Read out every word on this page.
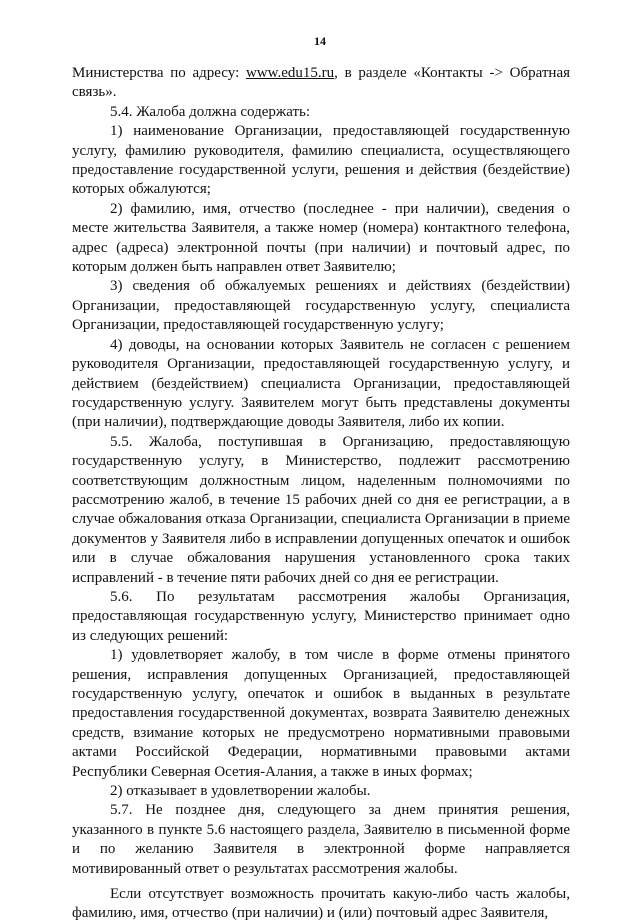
14

Министерства по адресу: www.edu15.ru, в разделе «Контакты -> Обратная связь».

5.4. Жалоба должна содержать:

1) наименование Организации, предоставляющей государственную услугу, фамилию руководителя, фамилию специалиста, осуществляющего предоставление государственной услуги, решения и действия (бездействие) которых обжалуются;

2) фамилию, имя, отчество (последнее - при наличии), сведения о месте жительства Заявителя, а также номер (номера) контактного телефона, адрес (адреса) электронной почты (при наличии) и почтовый адрес, по которым должен быть направлен ответ Заявителю;

3) сведения об обжалуемых решениях и действиях (бездействии) Организации, предоставляющей государственную услугу, специалиста Организации, предоставляющей государственную услугу;

4) доводы, на основании которых Заявитель не согласен с решением руководителя Организации, предоставляющей государственную услугу, и действием (бездействием) специалиста Организации, предоставляющей государственную услугу. Заявителем могут быть представлены документы (при наличии), подтверждающие доводы Заявителя, либо их копии.

5.5. Жалоба, поступившая в Организацию, предоставляющую государственную услугу, в Министерство, подлежит рассмотрению соответствующим должностным лицом, наделенным полномочиями по рассмотрению жалоб, в течение 15 рабочих дней со дня ее регистрации, а в случае обжалования отказа Организации, специалиста Организации в приеме документов у Заявителя либо в исправлении допущенных опечаток и ошибок или в случае обжалования нарушения установленного срока таких исправлений - в течение пяти рабочих дней со дня ее регистрации.

5.6. По результатам рассмотрения жалобы Организация, предоставляющая государственную услугу, Министерство принимает одно из следующих решений:

1) удовлетворяет жалобу, в том числе в форме отмены принятого решения, исправления допущенных Организацией, предоставляющей государственную услугу, опечаток и ошибок в выданных в результате предоставления государственной документах, возврата Заявителю денежных средств, взимание которых не предусмотрено нормативными правовыми актами Российской Федерации, нормативными правовыми актами Республики Северная Осетия-Алания, а также в иных формах;

2) отказывает в удовлетворении жалобы.

5.7. Не позднее дня, следующего за днем принятия решения, указанного в пункте 5.6 настоящего раздела, Заявителю в письменной форме и по желанию Заявителя в электронной форме направляется мотивированный ответ о результатах рассмотрения жалобы.

Если отсутствует возможность прочитать какую-либо часть жалобы, фамилию, имя, отчество (при наличии) и (или) почтовый адрес Заявителя,
